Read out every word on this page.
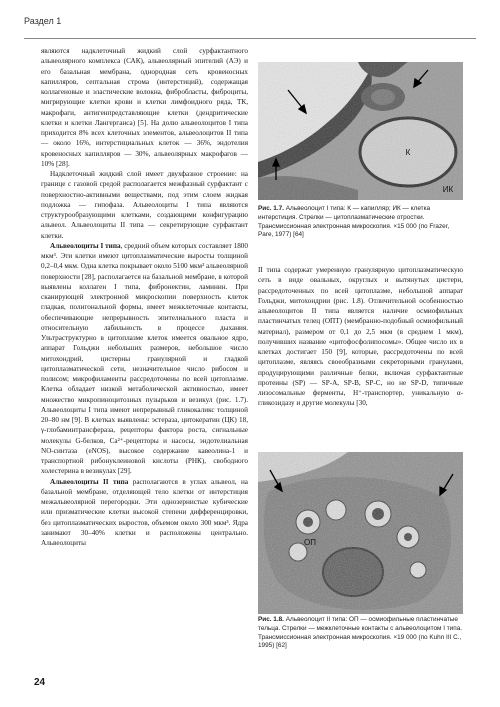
Раздел 1

являются надклеточный жидкий слой сурфактантного альвеолярного комплекса (САК), альвеолярный эпителий (АЭ) и его базальная мембрана, однородная сеть кровеносных капилляров, септальная строма (интерстиций), содержащая коллагеновые и эластические волокна, фибробласты, фиброциты, мигрирующие клетки крови и клетки лимфоидного ряда, ТК, макрофаги, антигенпредставляющие клетки (дендритические клетки и клетки Лангерганса) [5]. На долю альвеолоцитов I типа приходится 8% всех клеточных элементов, альвеолоцитов II типа — около 16%, интерстициальных клеток — 36%, эндотелия кровеносных капилляров — 30%, альвеолярных макрофагов — 10% [28].

Надклеточный жидкий слой имеет двухфазное строение: на границе с газовой средой располагается межфазный сурфактант с поверхностно-активными веществами, под этим слоем жидкая подложка — гипофаза. Альвеолоциты I типа являются структурообразующими клетками, создающими конфигурацию альвеол. Альвеолоциты II типа — секретирующие сурфактант клетки.

Альвеолоциты I типа, средний объем которых составляет 1800 мкм³. Эти клетки имеют цитоплазматические выросты толщиной 0,2–0,4 мкм. Одна клетка покрывает около 5100 мкм² альвеолярной поверхности [28], располагается на базальной мембране, в которой выявлены коллаген I типа, фибронектин, ламинин. При сканирующей электронной микроскопии поверхность клеток гладкая, полигональной формы, имеет межклеточные контакты, обеспечивающие непрерывность эпителиального пласта и относительную лабильность в процессе дыхания. Ультраструктурно в цитоплазме клеток имеется овальное ядро, аппарат Гольджи небольших размеров, небольшое число митохондрий, цистерны гранулярной и гладкой цитоплазматической сети, незначительное число рибосом и полисом; микрофиламенты рассредоточены по всей цитоплазме. Клетка обладает низкой метаболической активностью, имеет множество микропиноцитозных пузырьков и везикул (рис. 1.7). Альвеолоциты I типа имеют непрерывный гликокаликс толщиной 20–80 нм [9]. В клетках выявлены: эстераза, цитокератин (ЦК) 18, γ-глобаминтрансфераза, рецепторы фактора роста, сигнальные молекулы G-белков, Ca²⁺-рецепторы и насосы, эндотелиальная NO-синтаза (eNOS), высокое содержание кавеолина-1 и транспортной рибонуклеиновой кислоты (РНК), свободного холестерина в везикулах [29].

Альвеолоциты II типа располагаются в углах альвеол, на базальной мембране, отделяющей тело клетки от интерстиция межальвеолярной перегородки. Эти однозернистые кубические или призматические клетки высокой степени дифференцировки, без цитоплазматических выростов, объемом около 300 мкм³. Ядра занимают 30–40% клетки и расположены центрально. Альвеолоциты

К
ИК
Рис. 1.7. Альвеолоцит I типа: К — капилляр; ИК — клетка интерстиция. Стрелки — цитоплазматические отростки. Трансмиссионная электронная микроскопия. ×15 000 (по Frazer, Pare, 1977) [64]

II типа содержат умеренную гранулярную цитоплазматическую сеть в виде овальных, округлых и вытянутых цистерн, рассредоточенных по всей цитоплазме, небольшой аппарат Гольджи, митохондрии (рис. 1.8). Отличительной особенностью альвеолоцитов II типа является наличие осмиофильных пластинчатых телец (ОПТ) (мембранно-подобный осмиофильный материал), размером от 0,1 до 2,5 мкм (в среднем 1 мкм), получивших название «цитофосфолипосомы». Общее число их в клетках достигает 150 [9], которые, рассредоточены по всей цитоплазме, являясь своеобразными секреторными гранулами, продуцирующими различные белки, включая сурфактантные протеины (SP) — SP-A, SP-B, SP-C, но не SP-D, типичные лизосомальные ферменты, Н⁺-транспортер, уникальную α-гликозидазу и другие молекулы [30,

ОП
Рис. 1.8. Альвеолоцит II типа: ОП — осмиофильные пластинчатые тельца. Стрелки — межклеточные контакты с альвеолоцитом I типа. Трансмиссионная электронная микроскопия. ×19 000 (по Kuhn III C., 1995) [62]
24
